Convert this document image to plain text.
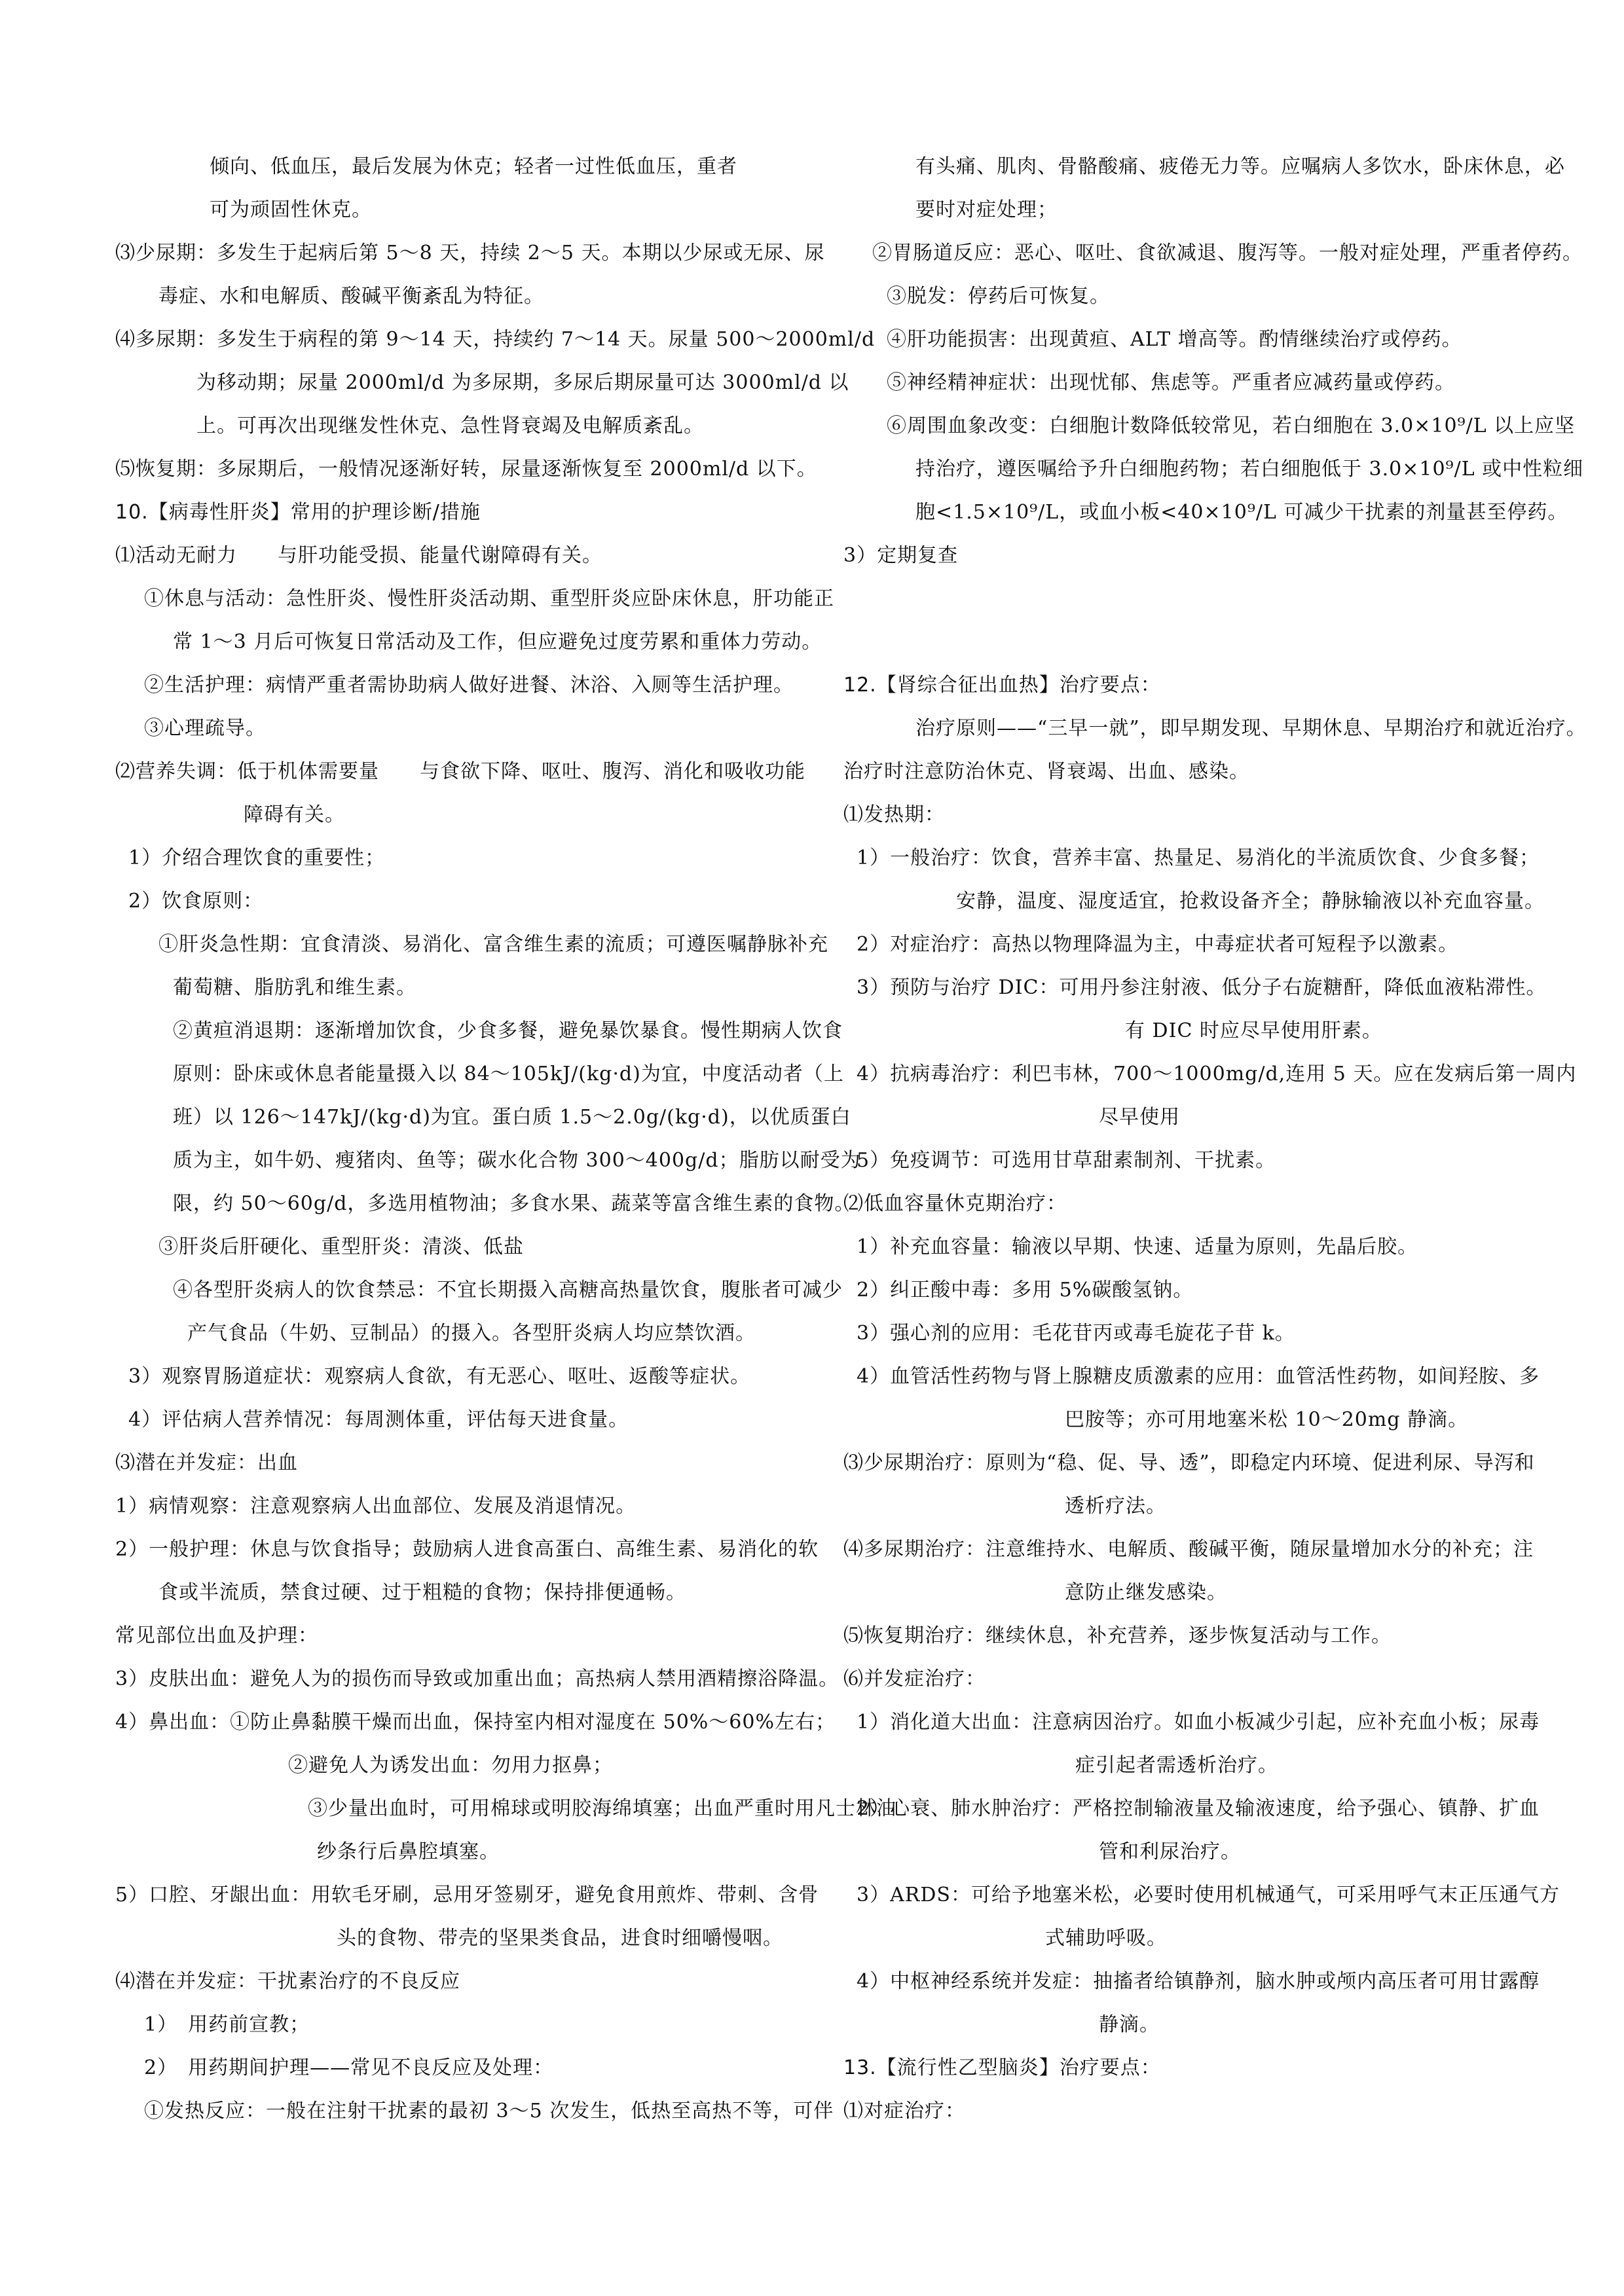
倾向、低血压，最后发展为休克；轻者一过性低血压，重者
可为顽固性休克。
⑶少尿期：多发生于起病后第 5～8 天，持续 2～5 天。本期以少尿或无尿、尿
毒症、水和电解质、酸碱平衡紊乱为特征。
⑷多尿期：多发生于病程的第 9～14 天，持续约 7～14 天。尿量 500～2000ml/d
为移动期；尿量 2000ml/d 为多尿期，多尿后期尿量可达 3000ml/d 以
上。可再次出现继发性休克、急性肾衰竭及电解质紊乱。
⑸恢复期：多尿期后，一般情况逐渐好转，尿量逐渐恢复至 2000ml/d 以下。
10.【病毒性肝炎】常用的护理诊断/措施
⑴活动无耐力　　与肝功能受损、能量代谢障碍有关。
①休息与活动：急性肝炎、慢性肝炎活动期、重型肝炎应卧床休息，肝功能正
常 1～3 月后可恢复日常活动及工作，但应避免过度劳累和重体力劳动。
②生活护理：病情严重者需协助病人做好进餐、沐浴、入厕等生活护理。
③心理疏导。
⑵营养失调：低于机体需要量　　与食欲下降、呕吐、腹泻、消化和吸收功能
障碍有关。
1）介绍合理饮食的重要性；
2）饮食原则：
①肝炎急性期：宜食清淡、易消化、富含维生素的流质；可遵医嘱静脉补充
葡萄糖、脂肪乳和维生素。
②黄疸消退期：逐渐增加饮食，少食多餐，避免暴饮暴食。慢性期病人饮食
原则：卧床或休息者能量摄入以 84～105kJ/(kg·d)为宜，中度活动者（上
班）以 126～147kJ/(kg·d)为宜。蛋白质 1.5～2.0g/(kg·d)，以优质蛋白
质为主，如牛奶、瘦猪肉、鱼等；碳水化合物 300～400g/d；脂肪以耐受为
限，约 50～60g/d，多选用植物油；多食水果、蔬菜等富含维生素的食物。
③肝炎后肝硬化、重型肝炎：清淡、低盐
④各型肝炎病人的饮食禁忌：不宜长期摄入高糖高热量饮食，腹胀者可减少
产气食品（牛奶、豆制品）的摄入。各型肝炎病人均应禁饮酒。
3）观察胃肠道症状：观察病人食欲，有无恶心、呕吐、返酸等症状。
4）评估病人营养情况：每周测体重，评估每天进食量。
⑶潜在并发症：出血
1）病情观察：注意观察病人出血部位、发展及消退情况。
2）一般护理：休息与饮食指导；鼓励病人进食高蛋白、高维生素、易消化的软
食或半流质，禁食过硬、过于粗糙的食物；保持排便通畅。
常见部位出血及护理：
3）皮肤出血：避免人为的损伤而导致或加重出血；高热病人禁用酒精擦浴降温。
4）鼻出血：①防止鼻黏膜干燥而出血，保持室内相对湿度在 50%～60%左右；
②避免人为诱发出血：勿用力抠鼻；
③少量出血时，可用棉球或明胶海绵填塞；出血严重时用凡士林油
纱条行后鼻腔填塞。
5）口腔、牙龈出血：用软毛牙刷，忌用牙签剔牙，避免食用煎炸、带刺、含骨
头的食物、带壳的坚果类食品，进食时细嚼慢咽。
⑷潜在并发症：干扰素治疗的不良反应
1）　用药前宣教；
2）　用药期间护理——常见不良反应及处理：
①发热反应：一般在注射干扰素的最初 3～5 次发生，低热至高热不等，可伴
有头痛、肌肉、骨骼酸痛、疲倦无力等。应嘱病人多饮水，卧床休息，必
要时对症处理；
②胃肠道反应：恶心、呕吐、食欲减退、腹泻等。一般对症处理，严重者停药。
③脱发：停药后可恢复。
④肝功能损害：出现黄疸、ALT 增高等。酌情继续治疗或停药。
⑤神经精神症状：出现忧郁、焦虑等。严重者应减药量或停药。
⑥周围血象改变：白细胞计数降低较常见，若白细胞在 3.0×10⁹/L 以上应坚
持治疗，遵医嘱给予升白细胞药物；若白细胞低于 3.0×10⁹/L 或中性粒细
胞<1.5×10⁹/L，或血小板<40×10⁹/L 可减少干扰素的剂量甚至停药。
3）定期复查
12.【肾综合征出血热】治疗要点：
治疗原则——“三早一就”，即早期发现、早期休息、早期治疗和就近治疗。
治疗时注意防治休克、肾衰竭、出血、感染。
⑴发热期：
1）一般治疗：饮食，营养丰富、热量足、易消化的半流质饮食、少食多餐；
安静，温度、湿度适宜，抢救设备齐全；静脉输液以补充血容量。
2）对症治疗：高热以物理降温为主，中毒症状者可短程予以激素。
3）预防与治疗 DIC：可用丹参注射液、低分子右旋糖酐，降低血液粘滞性。
有 DIC 时应尽早使用肝素。
4）抗病毒治疗：利巴韦林，700～1000mg/d,连用 5 天。应在发病后第一周内
尽早使用
5）免疫调节：可选用甘草甜素制剂、干扰素。
⑵低血容量休克期治疗：
1）补充血容量：输液以早期、快速、适量为原则，先晶后胶。
2）纠正酸中毒：多用 5%碳酸氢钠。
3）强心剂的应用：毛花苷丙或毒毛旋花子苷 k。
4）血管活性药物与肾上腺糖皮质激素的应用：血管活性药物，如间羟胺、多
巴胺等；亦可用地塞米松 10～20mg 静滴。
⑶少尿期治疗：原则为“稳、促、导、透”，即稳定内环境、促进利尿、导泻和
透析疗法。
⑷多尿期治疗：注意维持水、电解质、酸碱平衡，随尿量增加水分的补充；注
意防止继发感染。
⑸恢复期治疗：继续休息，补充营养，逐步恢复活动与工作。
⑹并发症治疗：
1）消化道大出血：注意病因治疗。如血小板减少引起，应补充血小板；尿毒
症引起者需透析治疗。
2）心衰、肺水肿治疗：严格控制输液量及输液速度，给予强心、镇静、扩血
管和利尿治疗。
3）ARDS：可给予地塞米松，必要时使用机械通气，可采用呼气末正压通气方
式辅助呼吸。
4）中枢神经系统并发症：抽搐者给镇静剂，脑水肿或颅内高压者可用甘露醇
静滴。
13.【流行性乙型脑炎】治疗要点：
⑴对症治疗：
